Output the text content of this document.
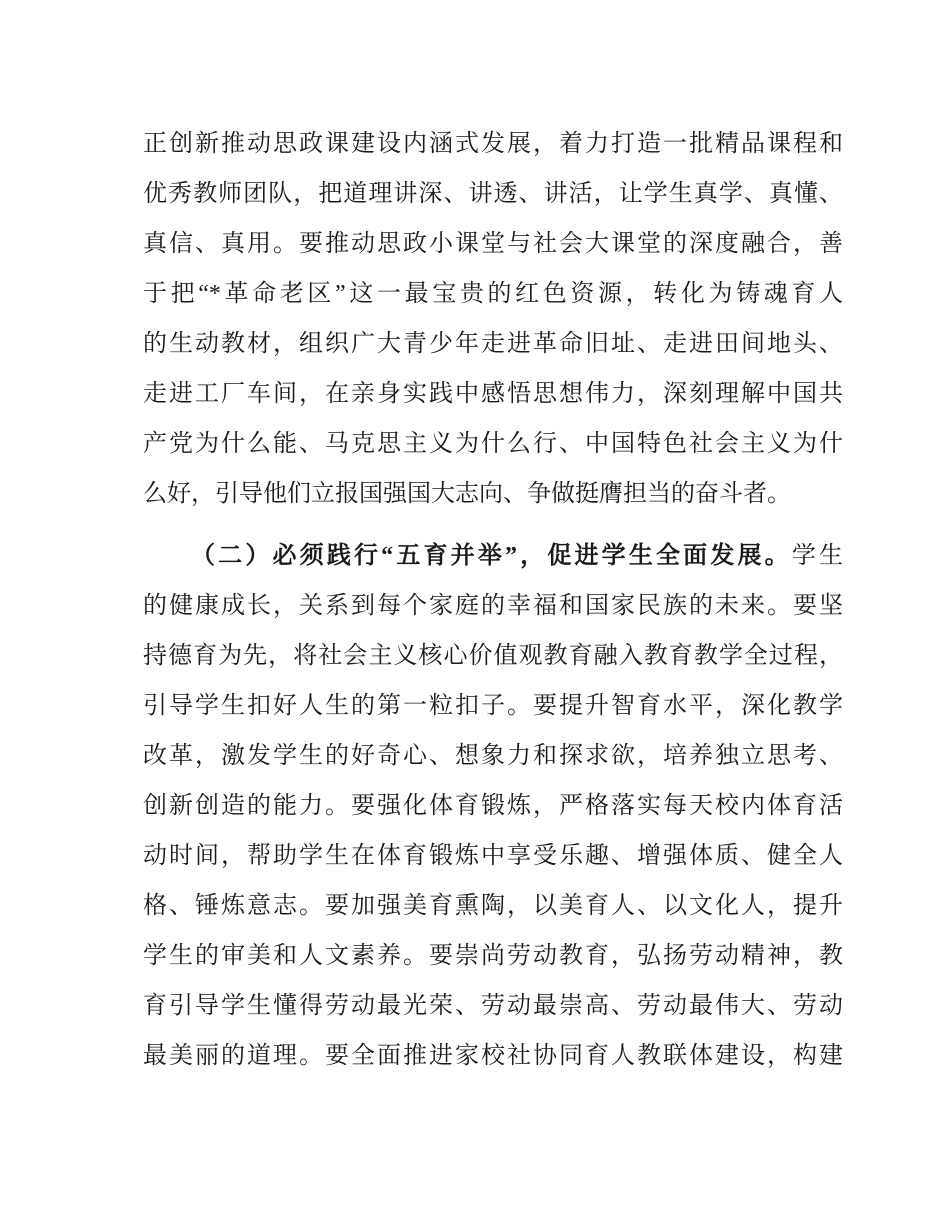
正创新推动思政课建设内涵式发展，着力打造一批精品课程和
优秀教师团队，把道理讲深、讲透、讲活，让学生真学、真懂、
真信、真用。要推动思政小课堂与社会大课堂的深度融合，善
于把“*革命老区”这一最宝贵的红色资源，转化为铸魂育人
的生动教材，组织广大青少年走进革命旧址、走进田间地头、
走进工厂车间，在亲身实践中感悟思想伟力，深刻理解中国共
产党为什么能、马克思主义为什么行、中国特色社会主义为什
么好，引导他们立报国强国大志向、争做挺膺担当的奋斗者。
（二）必须践行“五育并举”，促进学生全面发展。学生
的健康成长，关系到每个家庭的幸福和国家民族的未来。要坚
持德育为先，将社会主义核心价值观教育融入教育教学全过程，
引导学生扣好人生的第一粒扣子。要提升智育水平，深化教学
改革，激发学生的好奇心、想象力和探求欲，培养独立思考、
创新创造的能力。要强化体育锻炼，严格落实每天校内体育活
动时间，帮助学生在体育锻炼中享受乐趣、增强体质、健全人
格、锤炼意志。要加强美育熏陶，以美育人、以文化人，提升
学生的审美和人文素养。要崇尚劳动教育，弘扬劳动精神，教
育引导学生懂得劳动最光荣、劳动最崇高、劳动最伟大、劳动
最美丽的道理。要全面推进家校社协同育人教联体建设，构建
